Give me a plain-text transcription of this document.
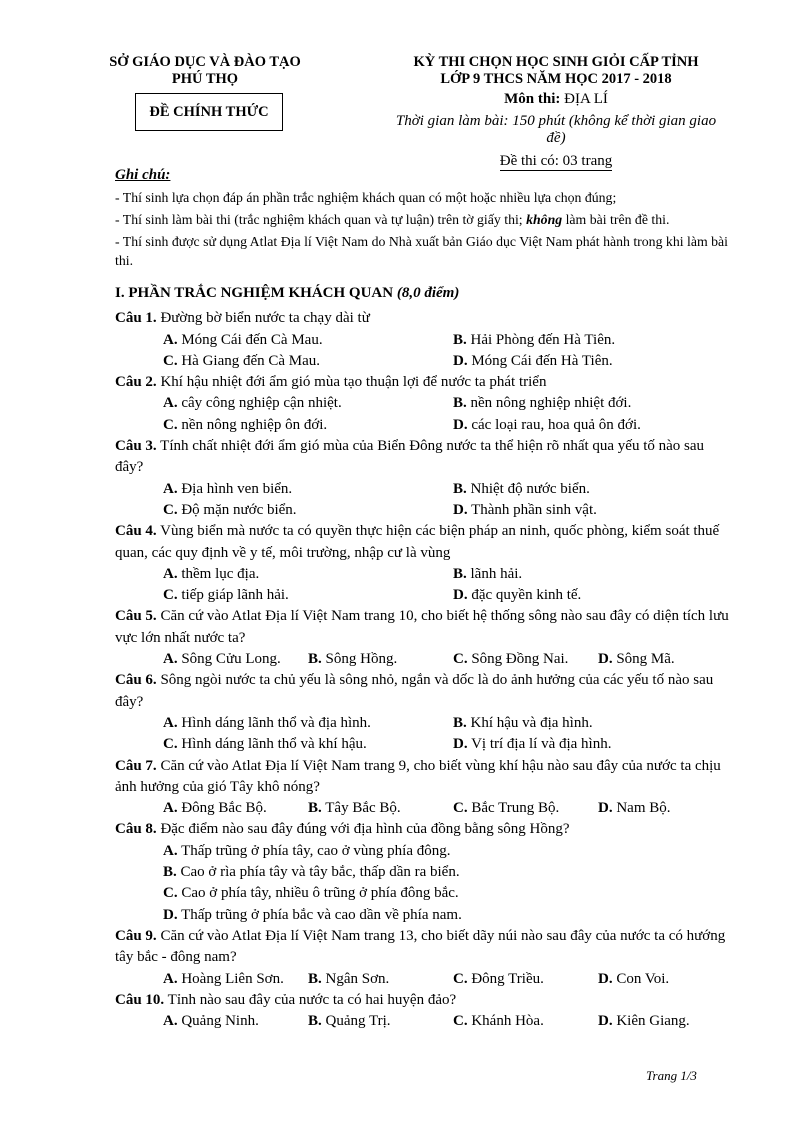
SỞ GIÁO DỤC VÀ ĐÀO TẠO
PHÚ THỌ
ĐỀ CHÍNH THỨC
KỲ THI CHỌN HỌC SINH GIỎI CẤP TỈNH
LỚP 9 THCS NĂM HỌC 2017 - 2018
Môn thi: ĐỊA LÍ
Thời gian làm bài: 150 phút (không kể thời gian giao đề)
Đề thi có: 03 trang
Ghi chú:

- Thí sinh lựa chọn đáp án phần trắc nghiệm khách quan có một hoặc nhiều lựa chọn đúng;

- Thí sinh làm bài thi (trắc nghiệm khách quan và tự luận) trên tờ giấy thi; không làm bài trên đề thi.

- Thí sinh được sử dụng Atlat Địa lí Việt Nam do Nhà xuất bản Giáo dục Việt Nam phát hành trong khi làm bài thi.

I. PHẦN TRẮC NGHIỆM KHÁCH QUAN (8,0 điểm)

Câu 1. Đường bờ biển nước ta chạy dài từ

A. Móng Cái đến Cà Mau.	B. Hải Phòng đến Hà Tiên.
C. Hà Giang đến Cà Mau.	D. Móng Cái đến Hà Tiên.

Câu 2. Khí hậu nhiệt đới ẩm gió mùa tạo thuận lợi để nước ta phát triển

A. cây công nghiệp cận nhiệt.	B. nền nông nghiệp nhiệt đới.
C. nền nông nghiệp ôn đới.	D. các loại rau, hoa quả ôn đới.

Câu 3. Tính chất nhiệt đới ẩm gió mùa của Biển Đông nước ta thể hiện rõ nhất qua yếu tố nào sau đây?

A. Địa hình ven biển.	B. Nhiệt độ nước biển.
C. Độ mặn nước biển.	D. Thành phần sinh vật.

Câu 4. Vùng biển mà nước ta có quyền thực hiện các biện pháp an ninh, quốc phòng, kiểm soát thuế quan, các quy định về y tế, môi trường, nhập cư là vùng

A. thềm lục địa.	B. lãnh hải.
C. tiếp giáp lãnh hải.	D. đặc quyền kinh tế.

Câu 5. Căn cứ vào Atlat Địa lí Việt Nam trang 10, cho biết hệ thống sông nào sau đây có diện tích lưu vực lớn nhất nước ta?

A. Sông Cửu Long.	B. Sông Hồng.	C. Sông Đồng Nai.	D. Sông Mã.

Câu 6. Sông ngòi nước ta chủ yếu là sông nhỏ, ngắn và dốc là do ảnh hưởng của các yếu tố nào sau đây?

A. Hình dáng lãnh thổ và địa hình.	B. Khí hậu và địa hình.
C. Hình dáng lãnh thổ và khí hậu.	D. Vị trí địa lí và địa hình.

Câu 7. Căn cứ vào Atlat Địa lí Việt Nam trang 9, cho biết vùng khí hậu nào sau đây của nước ta chịu ảnh hưởng của gió Tây khô nóng?

A. Đông Bắc Bộ.	B. Tây Bắc Bộ.	C. Bắc Trung Bộ.	D. Nam Bộ.

Câu 8. Đặc điểm nào sau đây đúng với địa hình của đồng bằng sông Hồng?

A. Thấp trũng ở phía tây, cao ở vùng phía đông.
B. Cao ở rìa phía tây và tây bắc, thấp dần ra biển.
C. Cao ở phía tây, nhiều ô trũng ở phía đông bắc.
D. Thấp trũng ở phía bắc và cao dần về phía nam.

Câu 9. Căn cứ vào Atlat Địa lí Việt Nam trang 13, cho biết dãy núi nào sau đây của nước ta có hướng tây bắc - đông nam?

A. Hoàng Liên Sơn.	B. Ngân Sơn.	C. Đông Triều.	D. Con Voi.

Câu 10. Tỉnh nào sau đây của nước ta có hai huyện đảo?

A. Quảng Ninh.	B. Quảng Trị.	C. Khánh Hòa.	D. Kiên Giang.
Trang 1/3
